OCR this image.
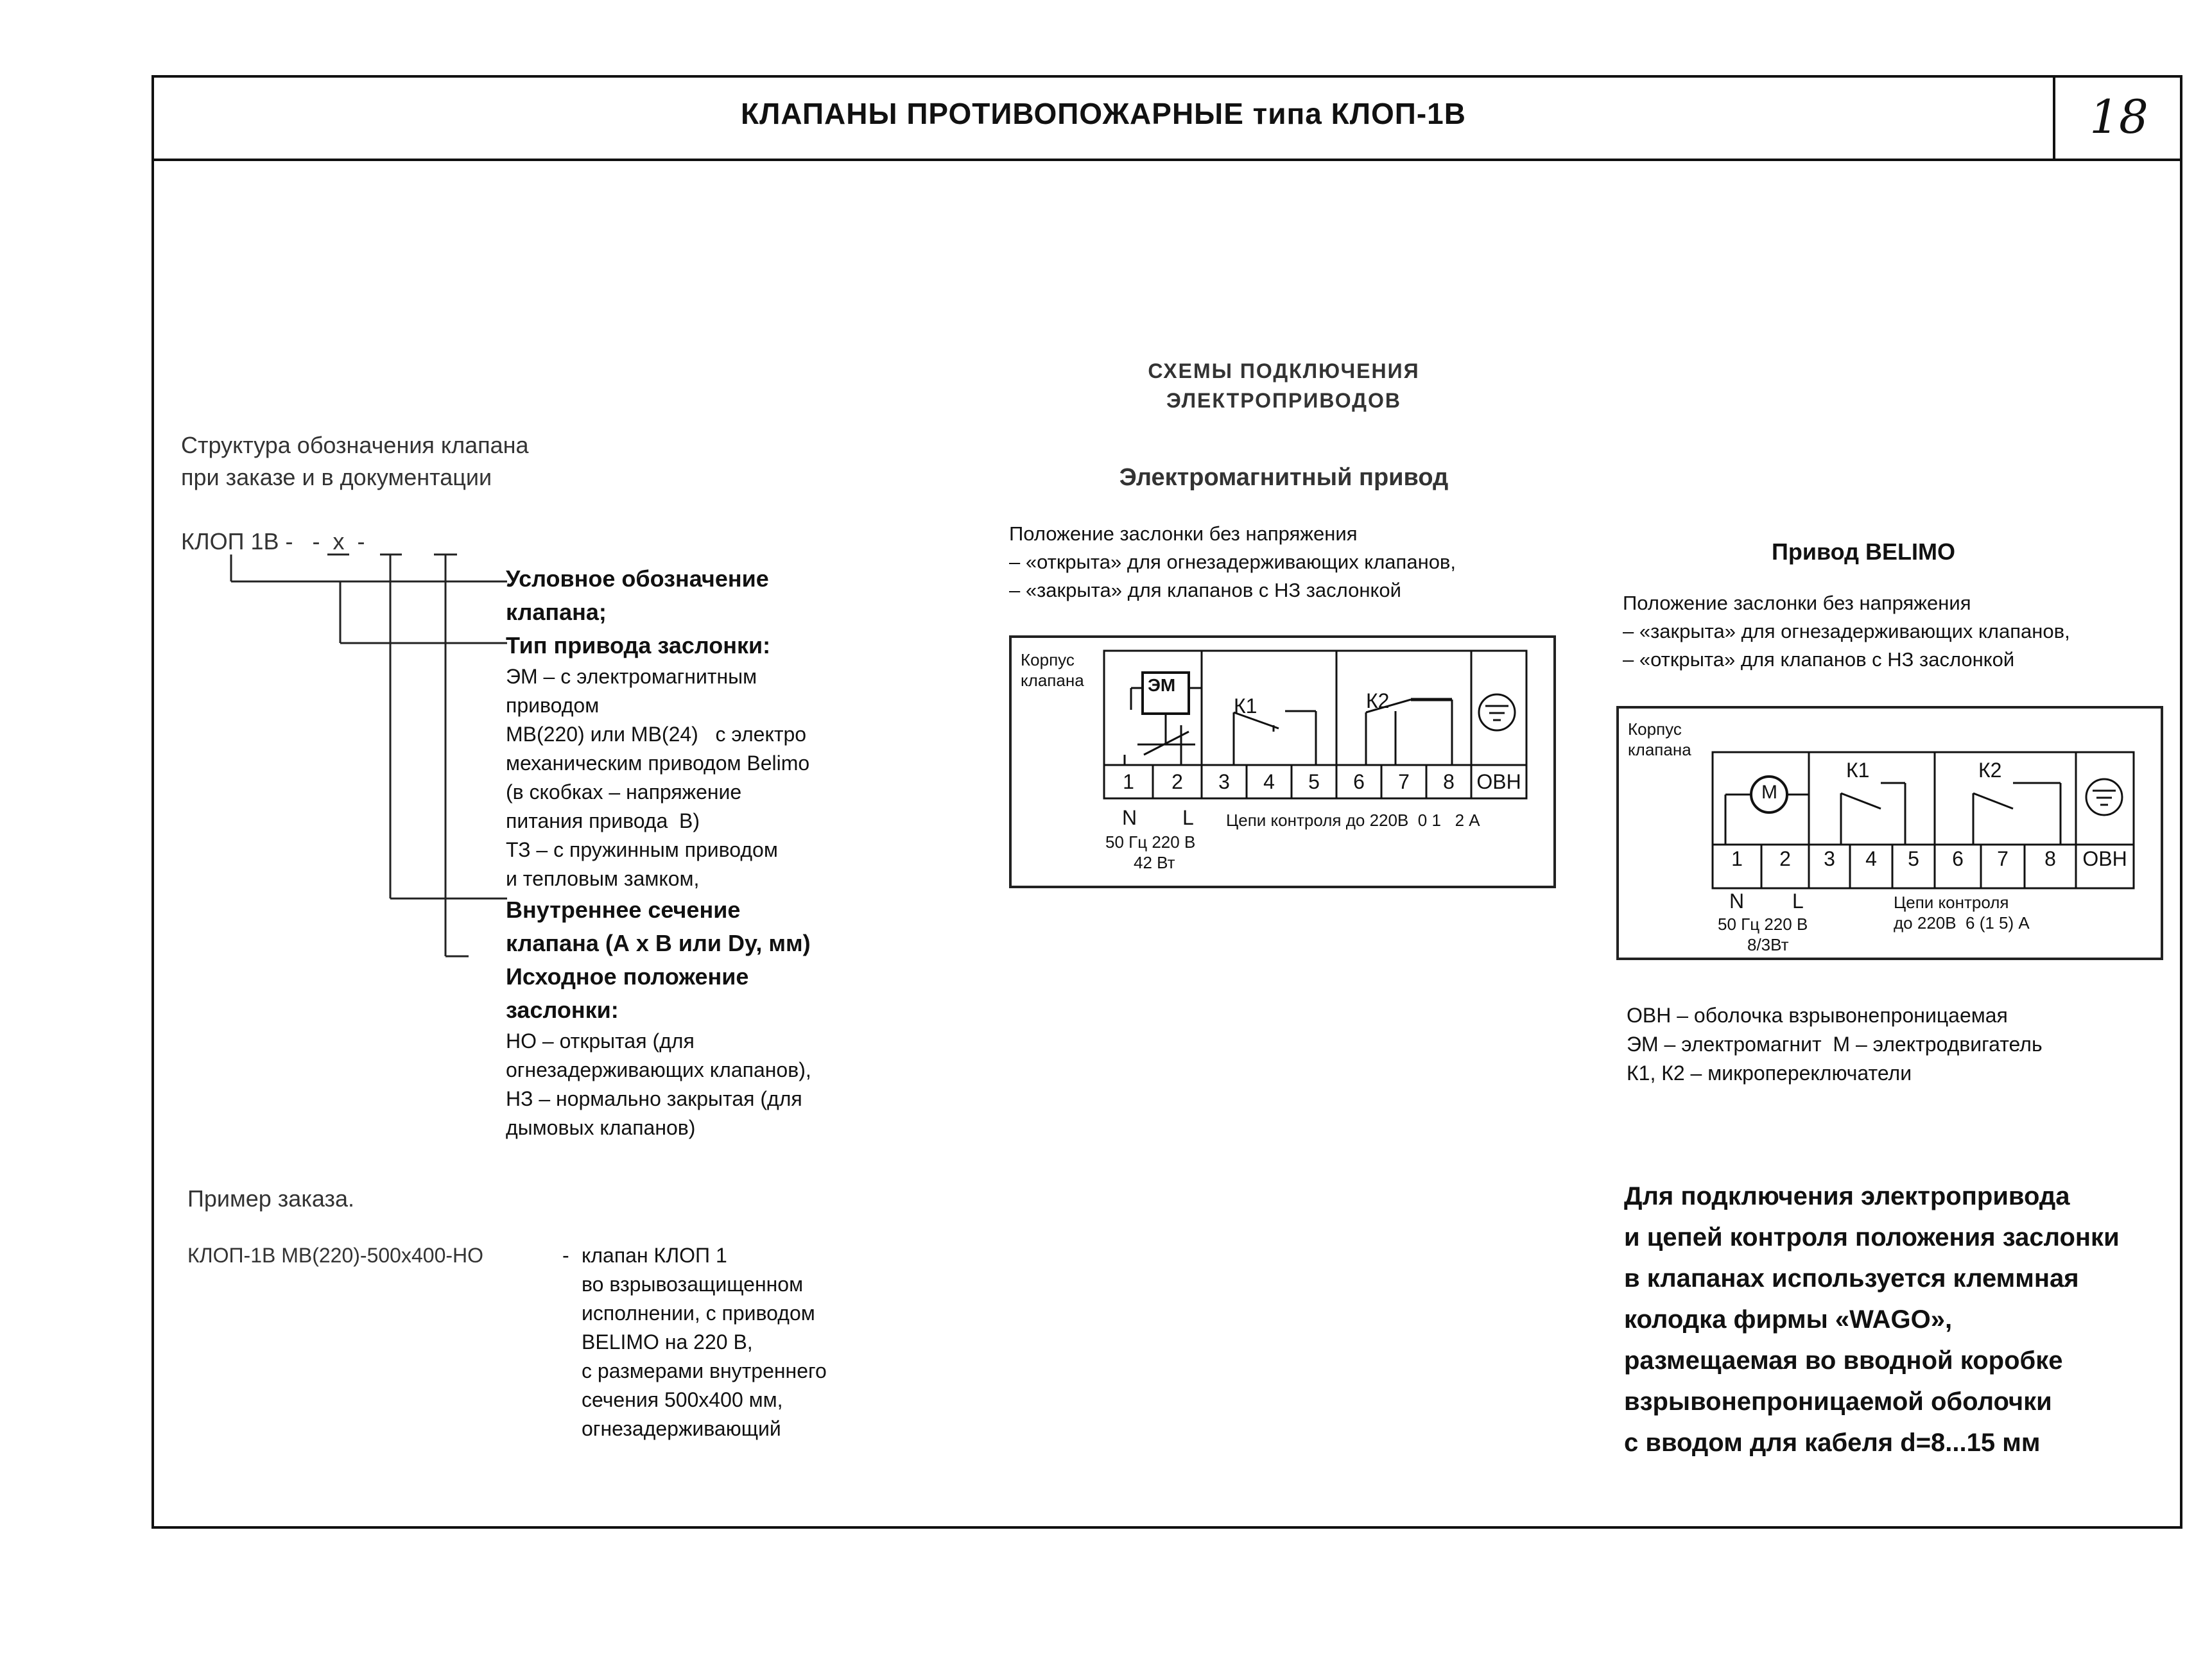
КЛАПАНЫ ПРОТИВОПОЖАРНЫЕ типа КЛОП-1В	18
Структура обозначения клапана
при заказе и в документации
КЛОП 1В -   -  х  -
Условное обозначение
клапана;
Тип привода заслонки:
ЭМ – с электромагнитным
приводом
МВ(220) или МВ(24)   с электро
механическим приводом Belimo
(в скобках – напряжение
питания привода  В)
ТЗ – с пружинным приводом
и тепловым замком,
Внутреннее сечение
клапана (А х В или Dу, мм)
Исходное положение
заслонки:
НО – открытая (для
огнезадерживающих клапанов),
НЗ – нормально закрытая (для
дымовых клапанов)
Пример заказа.
КЛОП-1В МВ(220)-500х400-НО	- клапан КЛОП 1
во взрывозащищенном
исполнении, с приводом
BELIMO на 220 В,
с размерами внутреннего
сечения 500х400 мм,
огнезадерживающий
СХЕМЫ ПОДКЛЮЧЕНИЯ
ЭЛЕКТРОПРИВОДОВ
Электромагнитный привод
Положение заслонки без напряжения
– «открыта» для огнезадерживающих клапанов,
– «закрыта» для клапанов с НЗ заслонкой
Корпус
клапана	ЭМ
К1	К2
1	2	3	4	5	6	7	8	ОВН
N L
50 Гц 220 В
42 Вт
Цепи контроля до 220В  0 1   2 А
Привод BELIMO
Положение заслонки без напряжения
– «закрыта» для огнезадерживающих клапанов,
– «открыта» для клапанов с НЗ заслонкой
Корпус
клапана
М
К1	К2
1	2	3	4	5	6	7	8	ОВН
N L
50 Гц 220 В
8/3Вт
Цепи контроля
до 220В  6 (1 5) А
ОВН – оболочка взрывонепроницаемая
ЭМ – электромагнит  М – электродвигатель
К1, К2 – микропереключатели
Для подключения электропривода
и цепей контроля положения заслонки
в клапанах используется клеммная
колодка фирмы «WAGO»,
размещаемая во вводной коробке
взрывонепроницаемой оболочки
с вводом для кабеля d=8...15 мм
